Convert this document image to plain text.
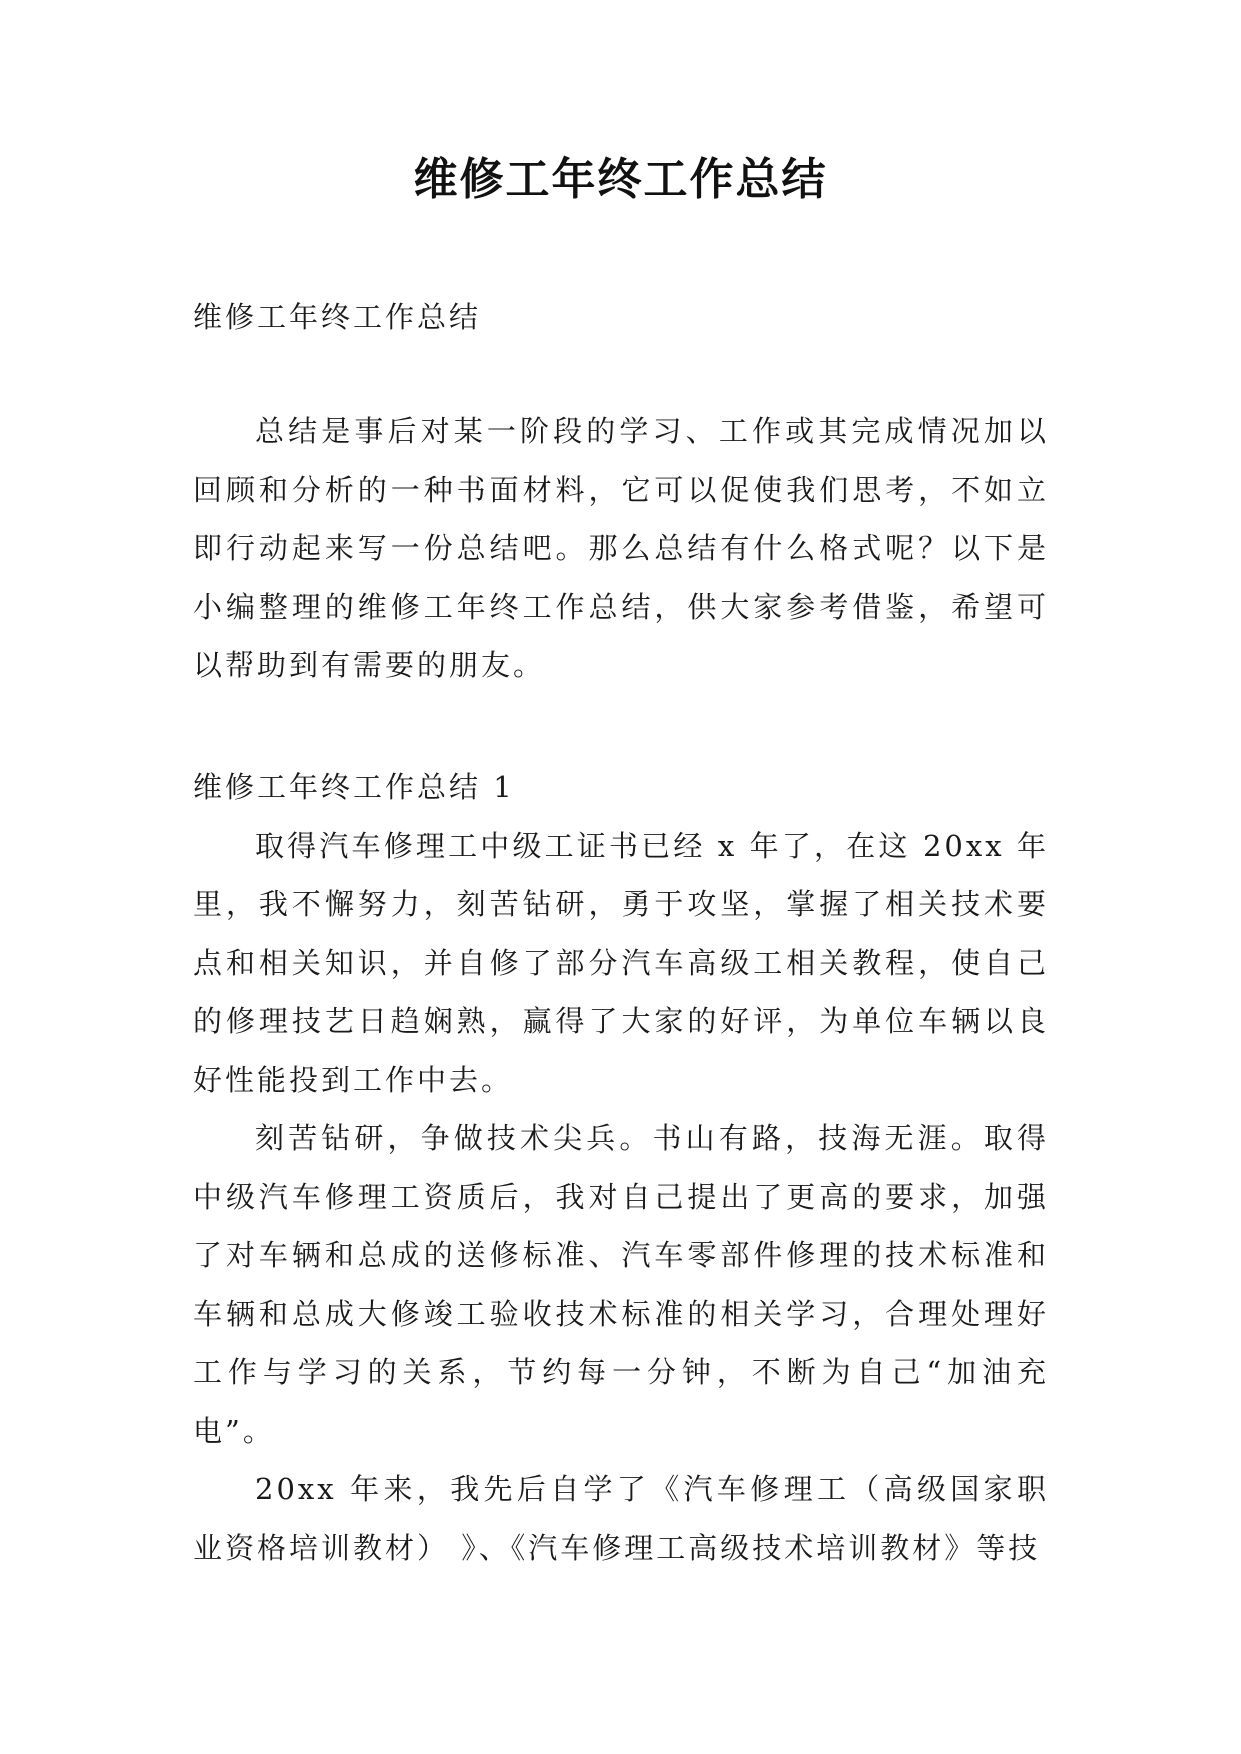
维修工年终工作总结
维修工年终工作总结

总结是事后对某一阶段的学习、工作或其完成情况加以回顾和分析的一种书面材料，它可以促使我们思考，不如立即行动起来写一份总结吧。那么总结有什么格式呢？以下是小编整理的维修工年终工作总结，供大家参考借鉴，希望可以帮助到有需要的朋友。

维修工年终工作总结 1

取得汽车修理工中级工证书已经 x 年了，在这 20xx 年里，我不懈努力，刻苦钻研，勇于攻坚，掌握了相关技术要点和相关知识，并自修了部分汽车高级工相关教程，使自己的修理技艺日趋娴熟，赢得了大家的好评，为单位车辆以良好性能投到工作中去。

刻苦钻研，争做技术尖兵。书山有路，技海无涯。取得中级汽车修理工资质后，我对自己提出了更高的要求，加强了对车辆和总成的送修标准、汽车零部件修理的技术标准和车辆和总成大修竣工验收技术标准的相关学习，合理处理好工作与学习的关系，节约每一分钟，不断为自己“加油充电”。

20xx 年来，我先后自学了《汽车修理工（高级国家职业资格培训教材） 》、《汽车修理工高级技术培训教材》等技
